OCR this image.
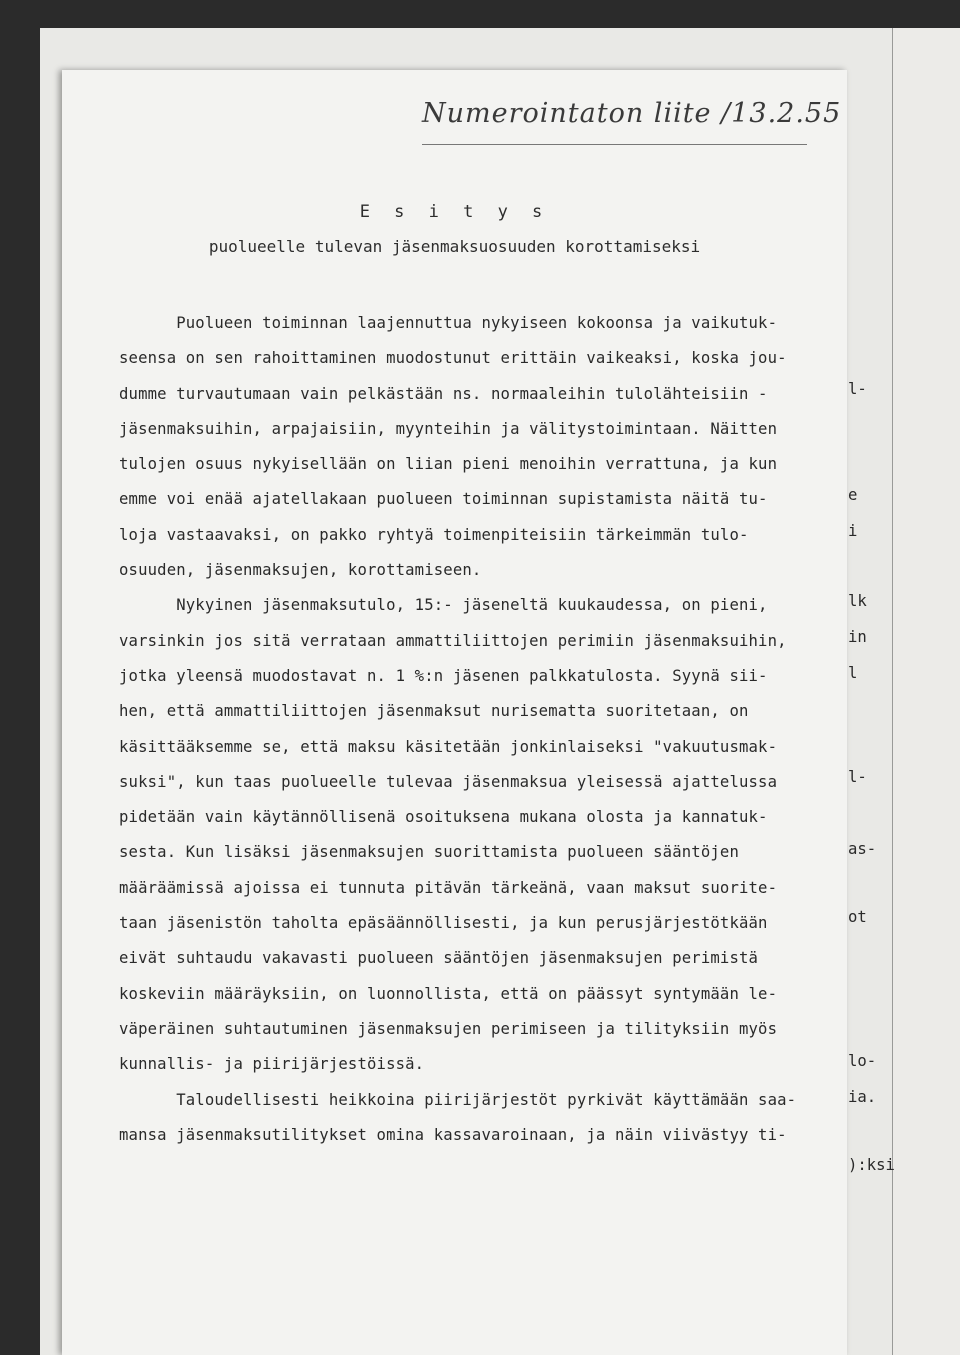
l-
e
i
lk
in
l
l-
as-
ot
lo-
ia.
):ksi
Numerointaton liite /13.2.55
E s i t y s
puolueelle tulevan jäsenmaksuosuuden korottamiseksi
Puolueen toiminnan laajennuttua nykyiseen kokoonsa ja vaikutuk-
seensa on sen rahoittaminen muodostunut erittäin vaikeaksi, koska jou-
dumme turvautumaan vain pelkästään ns. normaaleihin tulolähteisiin -
jäsenmaksuihin, arpajaisiin, myynteihin ja välitystoimintaan. Näitten
tulojen osuus nykyisellään on liian pieni menoihin verrattuna, ja kun
emme voi enää ajatellakaan puolueen toiminnan supistamista näitä tu-
loja vastaavaksi, on pakko ryhtyä toimenpiteisiin tärkeimmän tulo-
osuuden, jäsenmaksujen, korottamiseen.
Nykyinen jäsenmaksutulo, 15:- jäseneltä kuukaudessa, on pieni,
varsinkin jos sitä verrataan ammattiliittojen perimiin jäsenmaksuihin,
jotka yleensä muodostavat n. 1 %:n jäsenen palkkatulosta. Syynä sii-
hen, että ammattiliittojen jäsenmaksut nurisematta suoritetaan, on
käsittääksemme se, että maksu käsitetään jonkinlaiseksi "vakuutusmak-
suksi", kun taas puolueelle tulevaa jäsenmaksua yleisessä ajattelussa
pidetään vain käytännöllisenä osoituksena mukana olosta ja kannatuk-
sesta. Kun lisäksi jäsenmaksujen suorittamista puolueen sääntöjen
määräämissä ajoissa ei tunnuta pitävän tärkeänä, vaan maksut suorite-
taan jäsenistön taholta epäsäännöllisesti, ja kun perusjärjestötkään
eivät suhtaudu vakavasti puolueen sääntöjen jäsenmaksujen perimistä
koskeviin määräyksiin, on luonnollista, että on päässyt syntymään le-
väperäinen suhtautuminen jäsenmaksujen perimiseen ja tilityksiin myös
kunnallis- ja piirijärjestöissä.
Taloudellisesti heikkoina piirijärjestöt pyrkivät käyttämään saa-
mansa jäsenmaksutilitykset omina kassavaroinaan, ja näin viivästyy ti-
